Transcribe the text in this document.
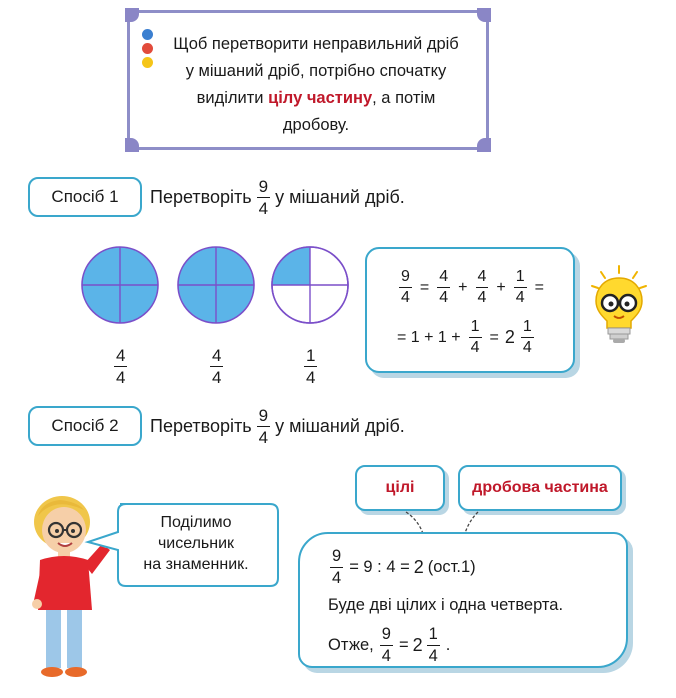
Щоб перетворити неправильний дріб
у мішаний дріб, потрібно спочатку
виділити цілу частину, а потім
дробову.
Спосіб 1	Перетворіть $\frac{9}{4}$ у мішаний дріб.
$\frac{4}{4}$	$\frac{4}{4}$	$\frac{1}{4}$
$\frac{9}{4} = \frac{4}{4} + \frac{4}{4} + \frac{1}{4}$ =
= $1 + 1 + \frac{1}{4} = 2 \frac{1}{4}$
Спосіб 2	Перетворіть $\frac{9}{4}$ у мішаний дріб.
цілі	дробова частина
Поділимо
чисельник
на знаменник.	$\frac{9}{4} = 9$ : 4 = 2 (ост.1)
Буде дві цілих і одна четверта.
Отже, $\frac{9}{4} = 2 \frac{1}{4}$ .
